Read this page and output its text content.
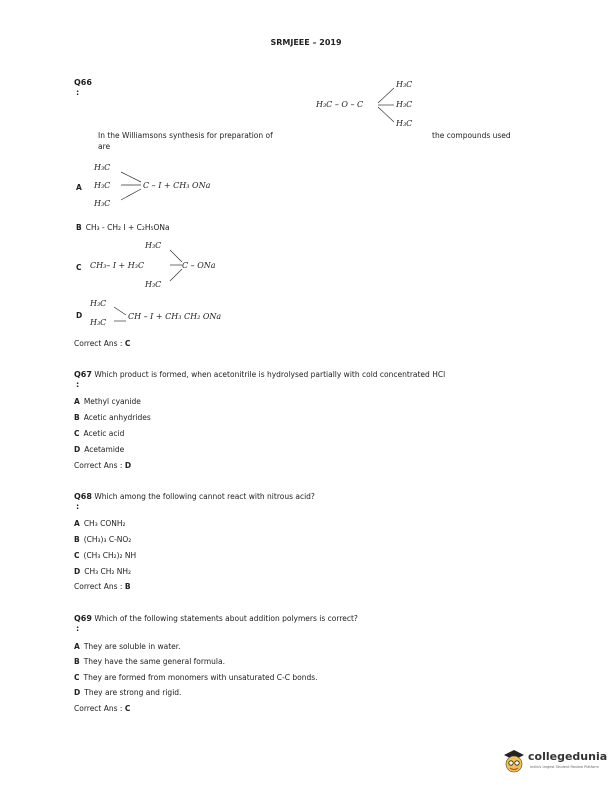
SRMJEEE – 2019
Q66
:
H₃C
H₃C – O – C	H₃C
H₃C
In the Williamsons synthesis for preparation of
are
the compounds used
A
H₃C
H₃C
H₃C
C – I + CH₃ ONa
B CH₃ - CH₂ I + C₂H₅ONa
C
H₃C
CH₃– I + H₃C
H₃C
C – ONa
D
H₃C
H₃C
CH – I + CH₃ CH₂ ONa
Correct Ans : C
Q67 Which product is formed, when acetonitrile is hydrolysed partially with cold concentrated HCl
:
A Methyl cyanide
B Acetic anhydrides
C Acetic acid
D Acetamide
Correct Ans : D
Q68 Which among the following cannot react with nitrous acid?
:
A CH₃ CONH₂
B (CH₃)₃ C-NO₂
C (CH₃ CH₂)₂ NH
D CH₃ CH₂ NH₂
Correct Ans : B
Q69 Which of the following statements about addition polymers is correct?
:
A They are soluble in water.
B They have the same general formula.
C They are formed from monomers with unsaturated C-C bonds.
D They are strong and rigid.
Correct Ans : C
collegedunia
India's largest Student Review Platform
